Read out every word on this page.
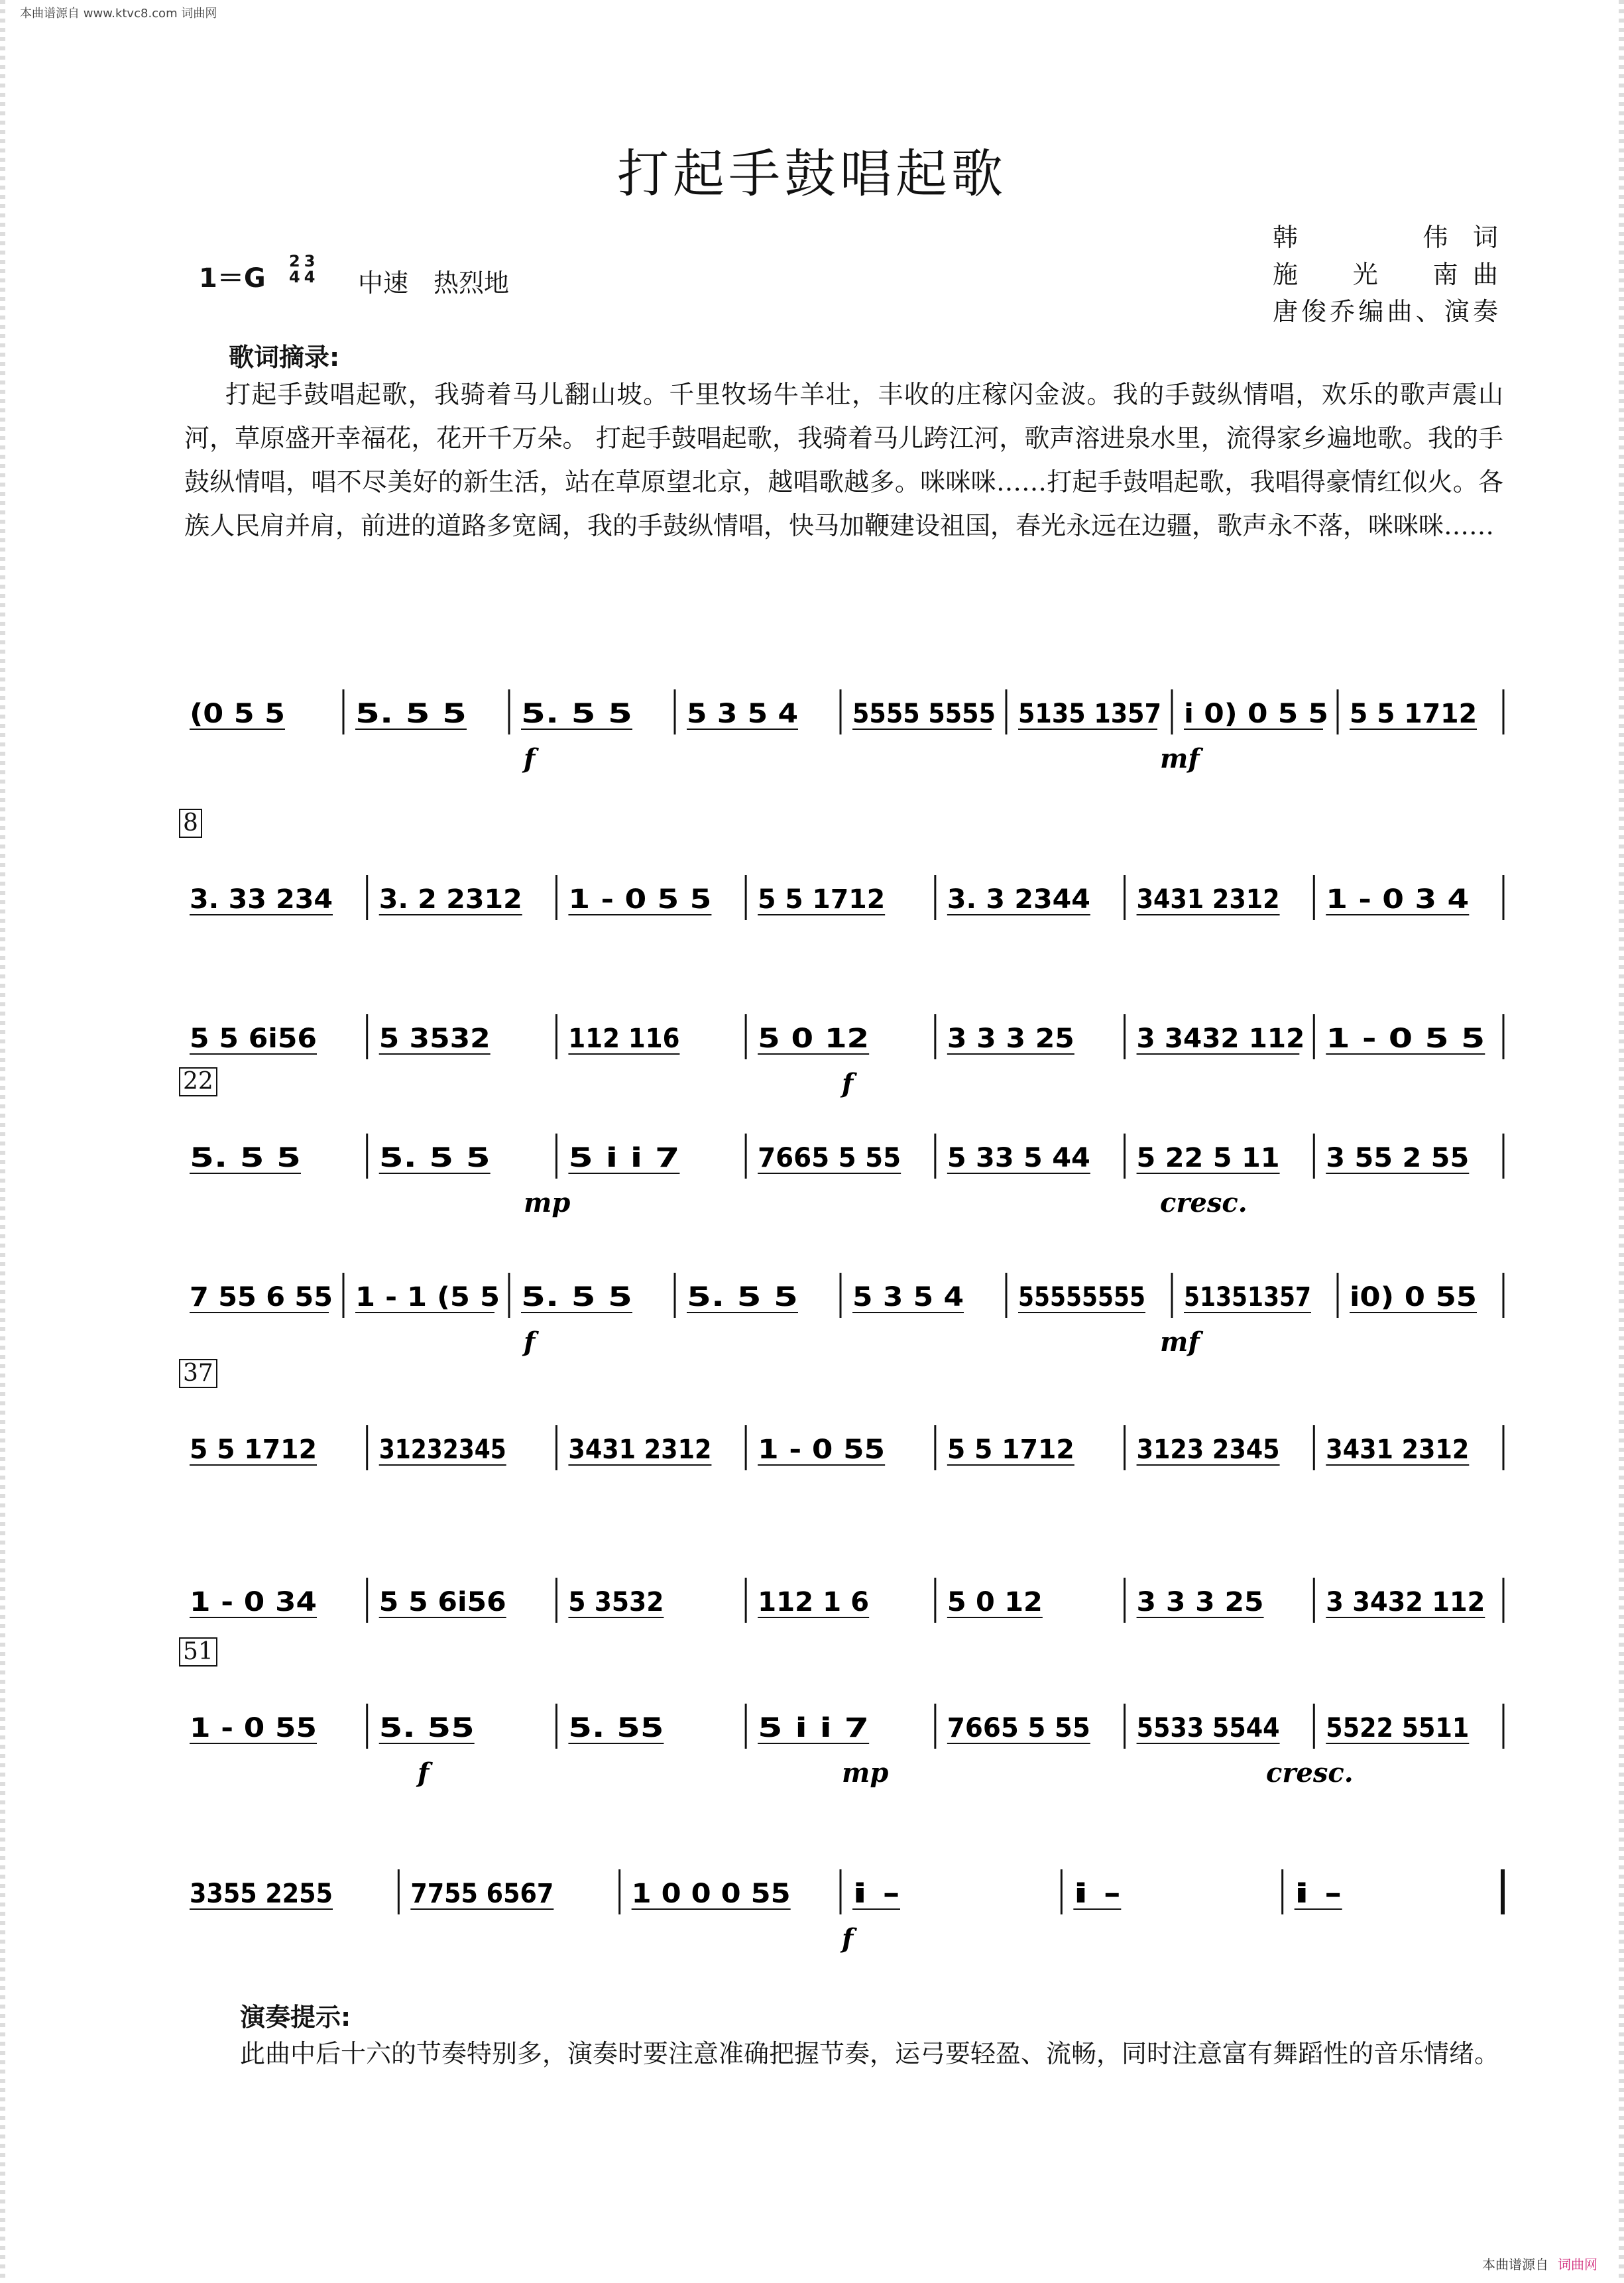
本曲谱源自 www.ktvc8.com 词曲网
打起手鼓唱起歌
韩　　伟词
施　光　南曲
唐俊乔编曲、演奏
1＝G
2
4
3
4 中速　热烈地
歌词摘录:
打起手鼓唱起歌，我骑着马儿翻山坡。千里牧场牛羊壮，丰收的庄稼闪金波。我的手鼓纵情唱，欢乐的歌声震山河，草原盛开幸福花，花开千万朵。 打起手鼓唱起歌，我骑着马儿跨江河，歌声溶进泉水里，流得家乡遍地歌。我的手鼓纵情唱，唱不尽美好的新生活，站在草原望北京，越唱歌越多。咪咪咪……打起手鼓唱起歌，我唱得豪情红似火。各族人民肩并肩，前进的道路多宽阔，我的手鼓纵情唱，快马加鞭建设祖国，春光永远在边疆，歌声永不落，咪咪咪……
(0 5 5	5. 5 5 5. 5 5 5 3 5 4 5555 5555 5135 1357 i 0) 0 5 5 5 5 1712
f	mf
8
3. 33 234 3. 2 2312 1 - 0 5 5 5 5 1712 3. 3 2344 3431 2312 1 - 0 3 4
5 5 6i56 5 3532	112 116	5 0 12	3 3 3 25 3 3432 112 1 - 0 5 5
f
22
5. 5 5	5. 5 5	5 i i 7	7665 5 55 5 33 5 44 5 22 5 11 3 55 2 55
mp	cresc.
7 55 6 55 1 - 1 (5 5 5. 5 5 5. 5 5 5 3 5 4 55555555 51351357 i0) 0 55
f	mf
37
5 5 1712 31232345 3431 2312 1 - 0 55 5 5 1712 3123 2345 3431 2312
1 - 0 34 5 5 6i56 5 3532	112 1 6	5 0 12	3 3 3 25 3 3432 112
51
1 - 0 55 5. 55	5. 55	5 i i 7	7665 5 55 5533 5544 5522 5511
f	mp	cresc.
3355 2255	7755 6567	1 0 0 0 55 i -	i -	i -
f
演奏提示:
此曲中后十六的节奏特别多，演奏时要注意准确把握节奏，运弓要轻盈、流畅，同时注意富有舞蹈性的音乐情绪。
本曲谱源自 词曲网
